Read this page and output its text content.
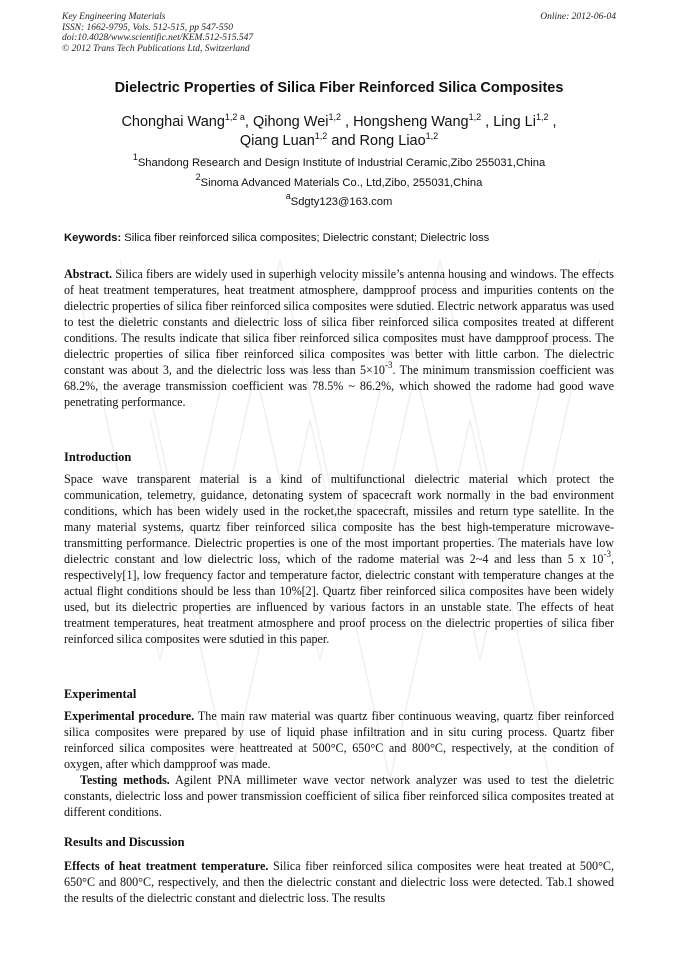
Key Engineering Materials
ISSN: 1662-9795, Vols. 512-515, pp 547-550
doi:10.4028/www.scientific.net/KEM.512-515.547
© 2012 Trans Tech Publications Ltd, Switzerland
Online: 2012-06-04
Dielectric Properties of Silica Fiber Reinforced Silica Composites
Chonghai Wang$^{1,2 a}$, Qihong Wei$^{1,2}$ , Hongsheng Wang$^{1,2}$ , Ling Li$^{1,2}$ ,
Qiang Luan$^{1,2}$ and Rong Liao$^{1,2}$
$^1$Shandong Research and Design Institute of Industrial Ceramic,Zibo 255031,China
$^2$Sinoma Advanced Materials Co., Ltd,Zibo, 255031,China
$^a$Sdgty123@163.com
Keywords: Silica fiber reinforced silica composites; Dielectric constant; Dielectric loss
Abstract. Silica fibers are widely used in superhigh velocity missile’s antenna housing and windows. The effects of heat treatment temperatures, heat treatment atmosphere, dampproof process and impurities contents on the dielectric properties of silica fiber reinforced silica composites were sdutied. Electric network apparatus was used to test the dieletric constants and dielectric loss of silica fiber reinforced silica composites treated at different conditions. The results indicate that silica fiber reinforced silica composites must have dampproof process. The dielectric properties of silica fiber reinforced silica composites was better with little carbon. The dielectric constant was about 3, and the dielectric loss was less than $5\times 10^{-3}$. The minimum transmission coefficient was 68.2%, the average transmission coefficient was 78.5% ~ 86.2%, which showed the radome had good wave penetrating performance.
Introduction
Space wave transparent material is a kind of multifunctional dielectric material which protect the communication, telemetry, guidance, detonating system of spacecraft work normally in the bad environment conditions, which has been widely used in the rocket,the spacecraft, missiles and return type satellite. In the many material systems, quartz fiber reinforced silica composite has the best high-temperature microwave-transmitting performance. Dielectric properties is one of the most important properties. The materials have low dielectric constant and low dielectric loss, which of the radome material was 2~4 and less than 5 x $10^{-3}$, respectively[1], low frequency factor and temperature factor, dielectric constant with temperature changes at the actual flight conditions should be less than 10%[2]. Quartz fiber reinforced silica composites have been widely used, but its dielectric properties are influenced by various factors in an unstable state. The effects of heat treatment temperatures, heat treatment atmosphere and proof process on the dielectric properties of silica fiber reinforced silica composites were sdutied in this paper.
Experimental
Experimental procedure. The main raw material was quartz fiber continuous weaving, quartz fiber reinforced silica composites were prepared by use of liquid phase infiltration and in situ curing process. Quartz fiber reinforced silica composites were heattreated at 500°C, 650°C and 800°C, respectively, at the condition of oxygen, after which dampproof was made.
Testing methods. Agilent PNA millimeter wave vector network analyzer was used to test the dieletric constants, dielectric loss and power transmission coefficient of silica fiber reinforced silica composites treated at different conditions.
Results and Discussion
Effects of heat treatment temperature. Silica fiber reinforced silica composites were heat treated at 500°C, 650°C and 800°C, respectively, and then the dielectric constant and dielectric loss were detected. Tab.1 showed the results of the dielectric constant and dielectric loss. The results
